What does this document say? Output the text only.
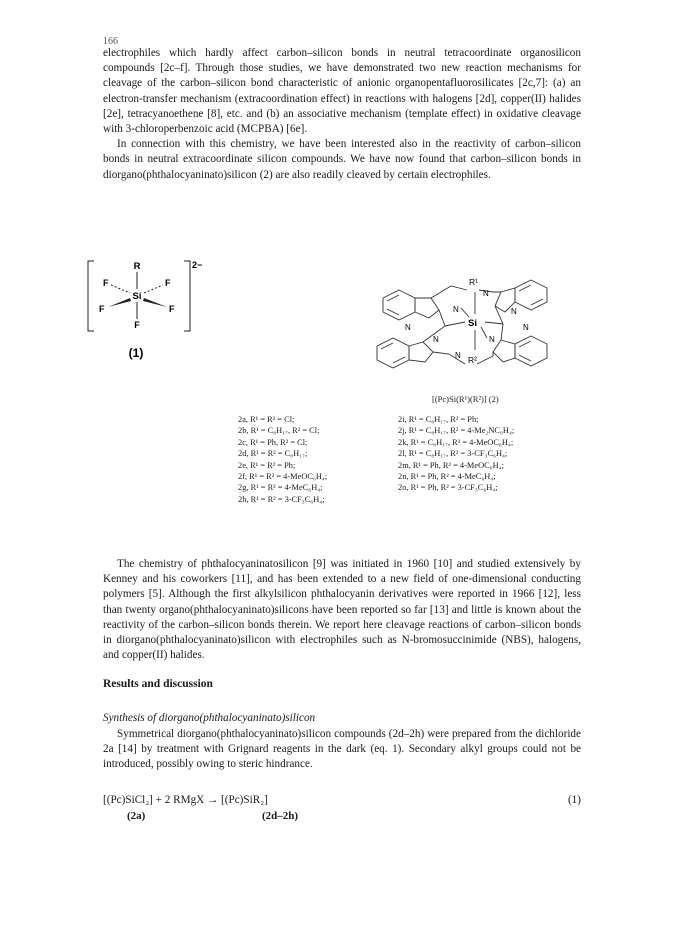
166

electrophiles which hardly affect carbon–silicon bonds in neutral tetracoordinate organosilicon compounds [2c–f]. Through those studies, we have demonstrated two new reaction mechanisms for cleavage of the carbon–silicon bond characteristic of anionic organopentafluorosilicates [2c,7]: (a) an electron-transfer mechanism (extracoordination effect) in reactions with halogens [2d], copper(II) halides [2e], tetracyanoethene [8], etc. and (b) an associative mechanism (template effect) in oxidative cleavage with 3-chloroperbenzoic acid (MCPBA) [6e].

In connection with this chemistry, we have been interested also in the reactivity of carbon–silicon bonds in neutral extracoordinate silicon compounds. We have now found that carbon–silicon bonds in diorgano(phthalocyaninato)silicon (2) are also readily cleaved by certain electrophiles.

2−
R
Si
F	F
F	F
F
(1)
R¹
Si
R²
N
N	N
N	N
N	N
N
[(Pc)Si(R¹)(R²)] (2)
2a, R¹ = R² = Cl;
2b, R¹ = C₈H₁₇, R² = Cl;
2c, R¹ = Ph, R² = Cl;
2d, R¹ = R² = C₈H₁₇;
2e, R¹ = R² = Ph;
2f, R¹ = R² = 4-MeOC₆H₄;
2g, R¹ = R² = 4-MeC₆H₄;
2h, R¹ = R² = 3-CF₃C₆H₄;
2i, R¹ = C₈H₁₇, R² = Ph;
2j, R¹ = C₈H₁₇, R² = 4-Me₂NC₆H₄;
2k, R¹ = C₈H₁₇, R² = 4-MeOC₆H₄;
2l, R¹ = C₈H₁₇, R² = 3-CF₃C₆H₄;
2m, R¹ = Ph, R² = 4-MeOC₆H₄;
2n, R¹ = Ph, R² = 4-MeC₆H₄;
2o, R¹ = Ph, R² = 3-CF₃C₆H₄;

The chemistry of phthalocyaninatosilicon [9] was initiated in 1960 [10] and studied extensively by Kenney and his coworkers [11], and has been extended to a new field of one-dimensional conducting polymers [5]. Although the first alkylsilicon phthalocyanin derivatives were reported in 1966 [12], less than twenty organo(phthalocyaninato)silicons have been reported so far [13] and little is known about the reactivity of the carbon–silicon bonds therein. We report here cleavage reactions of carbon–silicon bonds in diorgano(phthalocyaninato)silicon with electrophiles such as N-bromosuccinimide (NBS), halogens, and copper(II) halides.

Results and discussion
Synthesis of diorgano(phthalocyaninato)silicon

Symmetrical diorgano(phthalocyaninato)silicon compounds (2d–2h) were prepared from the dichloride 2a [14] by treatment with Grignard reagents in the dark (eq. 1). Secondary alkyl groups could not be introduced, possibly owing to steric hindrance.

[(Pc)SiCl₂] + 2 RMgX → [(Pc)SiR₂]	(1)
(2a)	(2d–2h)
